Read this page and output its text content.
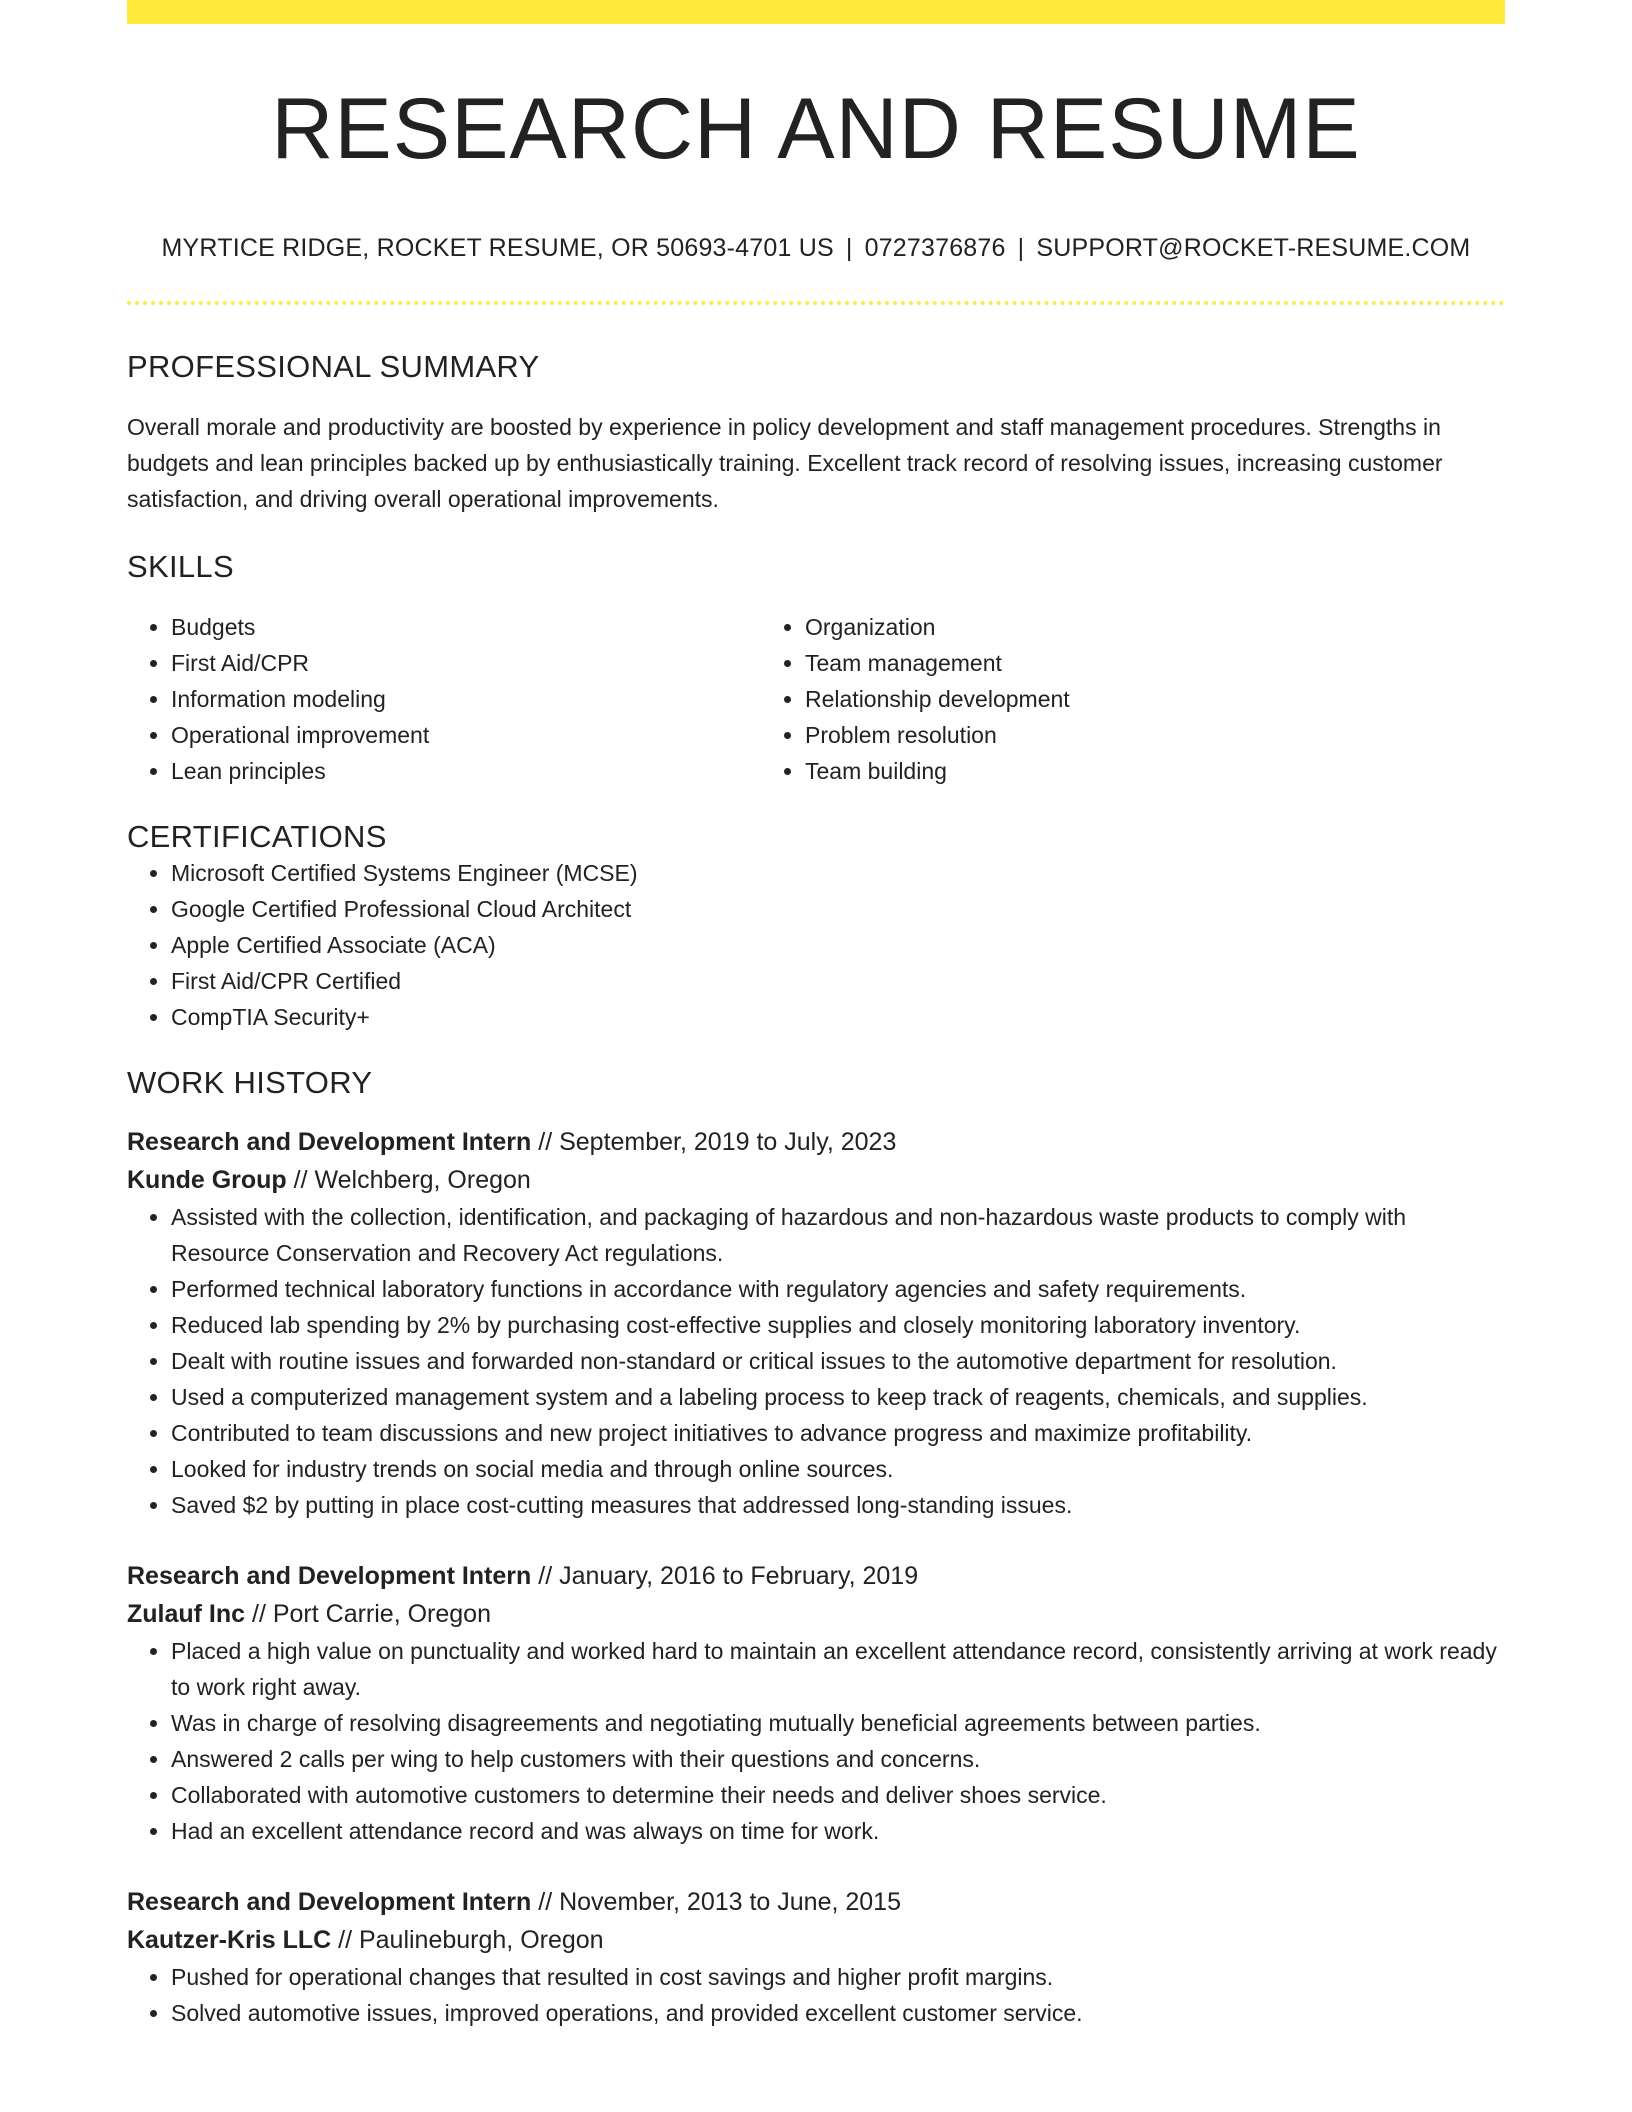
RESEARCH AND RESUME
MYRTICE RIDGE, ROCKET RESUME, OR 50693-4701 US | 0727376876 | SUPPORT@ROCKET-RESUME.COM
PROFESSIONAL SUMMARY
Overall morale and productivity are boosted by experience in policy development and staff management procedures. Strengths in budgets and lean principles backed up by enthusiastically training. Excellent track record of resolving issues, increasing customer satisfaction, and driving overall operational improvements.
SKILLS
• Budgets
• First Aid/CPR
• Information modeling
• Operational improvement
• Lean principles
• Organization
• Team management
• Relationship development
• Problem resolution
• Team building
CERTIFICATIONS
• Microsoft Certified Systems Engineer (MCSE)
• Google Certified Professional Cloud Architect
• Apple Certified Associate (ACA)
• First Aid/CPR Certified
• CompTIA Security+
WORK HISTORY
Research and Development Intern // September, 2019 to July, 2023
Kunde Group // Welchberg, Oregon
• Assisted with the collection, identification, and packaging of hazardous and non-hazardous waste products to comply with Resource Conservation and Recovery Act regulations.
• Performed technical laboratory functions in accordance with regulatory agencies and safety requirements.
• Reduced lab spending by 2% by purchasing cost-effective supplies and closely monitoring laboratory inventory.
• Dealt with routine issues and forwarded non-standard or critical issues to the automotive department for resolution.
• Used a computerized management system and a labeling process to keep track of reagents, chemicals, and supplies.
• Contributed to team discussions and new project initiatives to advance progress and maximize profitability.
• Looked for industry trends on social media and through online sources.
• Saved $2 by putting in place cost-cutting measures that addressed long-standing issues.
Research and Development Intern // January, 2016 to February, 2019
Zulauf Inc // Port Carrie, Oregon
• Placed a high value on punctuality and worked hard to maintain an excellent attendance record, consistently arriving at work ready to work right away.
• Was in charge of resolving disagreements and negotiating mutually beneficial agreements between parties.
• Answered 2 calls per wing to help customers with their questions and concerns.
• Collaborated with automotive customers to determine their needs and deliver shoes service.
• Had an excellent attendance record and was always on time for work.
Research and Development Intern // November, 2013 to June, 2015
Kautzer-Kris LLC // Paulineburgh, Oregon
• Pushed for operational changes that resulted in cost savings and higher profit margins.
• Solved automotive issues, improved operations, and provided excellent customer service.
